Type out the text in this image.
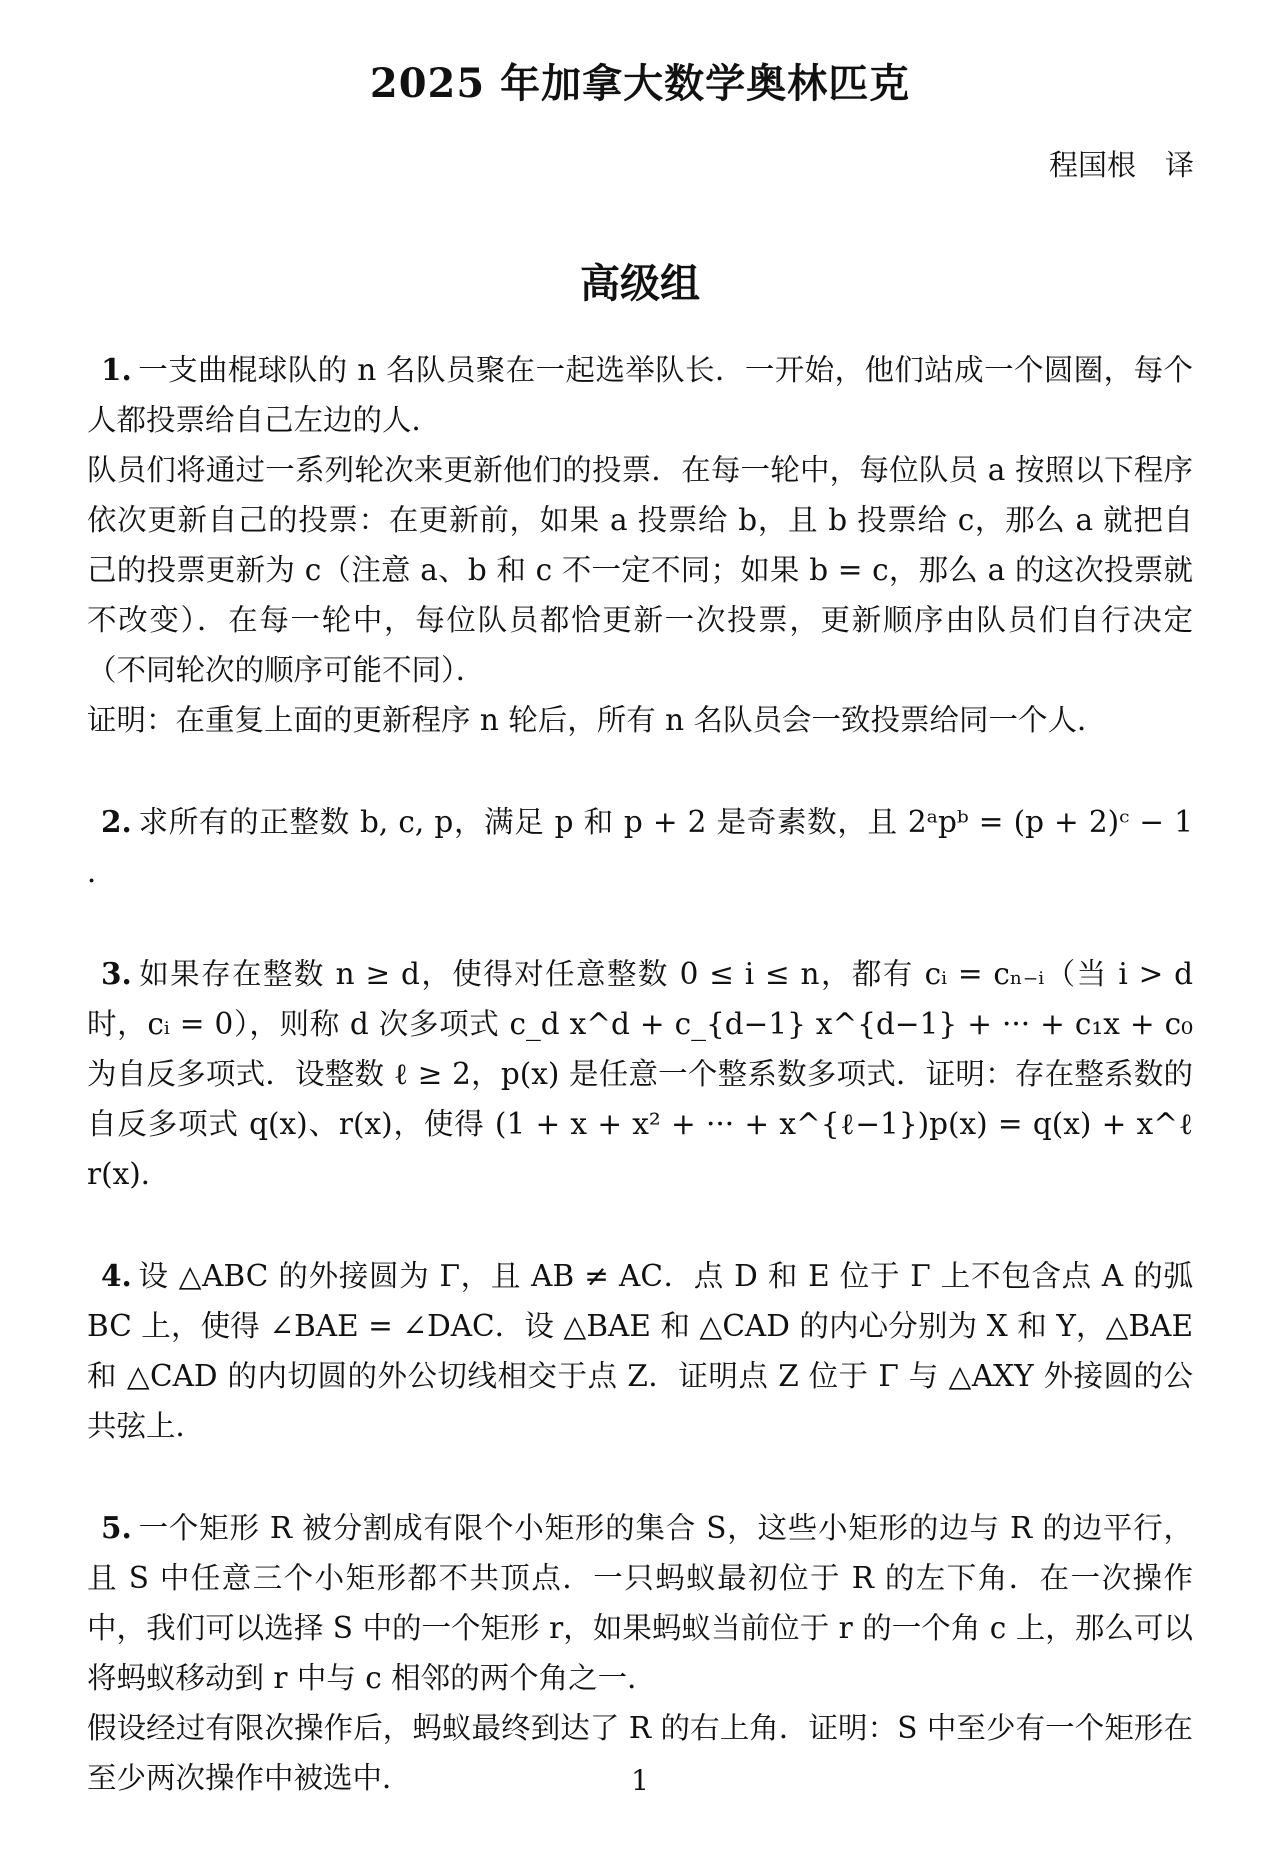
2025 年加拿大数学奥林匹克
程国根　译
高级组

1. 一支曲棍球队的 n 名队员聚在一起选举队长．一开始，他们站成一个圆圈，每个人都投票给自己左边的人．

队员们将通过一系列轮次来更新他们的投票．在每一轮中，每位队员 a 按照以下程序依次更新自己的投票：在更新前，如果 a 投票给 b，且 b 投票给 c，那么 a 就把自己的投票更新为 c（注意 a、b 和 c 不一定不同；如果 b = c，那么 a 的这次投票就不改变）．在每一轮中，每位队员都恰更新一次投票，更新顺序由队员们自行决定（不同轮次的顺序可能不同）．

证明：在重复上面的更新程序 n 轮后，所有 n 名队员会一致投票给同一个人．

2. 求所有的正整数 b, c, p，满足 p 和 p + 2 是奇素数，且 2ᵃpᵇ = (p + 2)ᶜ − 1 ．

3. 如果存在整数 n ≥ d，使得对任意整数 0 ≤ i ≤ n，都有 cᵢ = cₙ₋ᵢ（当 i > d 时，cᵢ = 0），则称 d 次多项式 c_d x^d + c_{d−1} x^{d−1} + ··· + c₁x + c₀ 为自反多项式．设整数 ℓ ≥ 2，p(x) 是任意一个整系数多项式．证明：存在整系数的自反多项式 q(x)、r(x)，使得 (1 + x + x² + ··· + x^{ℓ−1})p(x) = q(x) + x^ℓ r(x)．

4. 设 △ABC 的外接圆为 Γ，且 AB ≠ AC．点 D 和 E 位于 Γ 上不包含点 A 的弧 BC 上，使得 ∠BAE = ∠DAC．设 △BAE 和 △CAD 的内心分别为 X 和 Y，△BAE 和 △CAD 的内切圆的外公切线相交于点 Z．证明点 Z 位于 Γ 与 △AXY 外接圆的公共弦上．

5. 一个矩形 R 被分割成有限个小矩形的集合 S，这些小矩形的边与 R 的边平行，且 S 中任意三个小矩形都不共顶点．一只蚂蚁最初位于 R 的左下角．在一次操作中，我们可以选择 S 中的一个矩形 r，如果蚂蚁当前位于 r 的一个角 c 上，那么可以将蚂蚁移动到 r 中与 c 相邻的两个角之一．

假设经过有限次操作后，蚂蚁最终到达了 R 的右上角．证明：S 中至少有一个矩形在至少两次操作中被选中．	1
